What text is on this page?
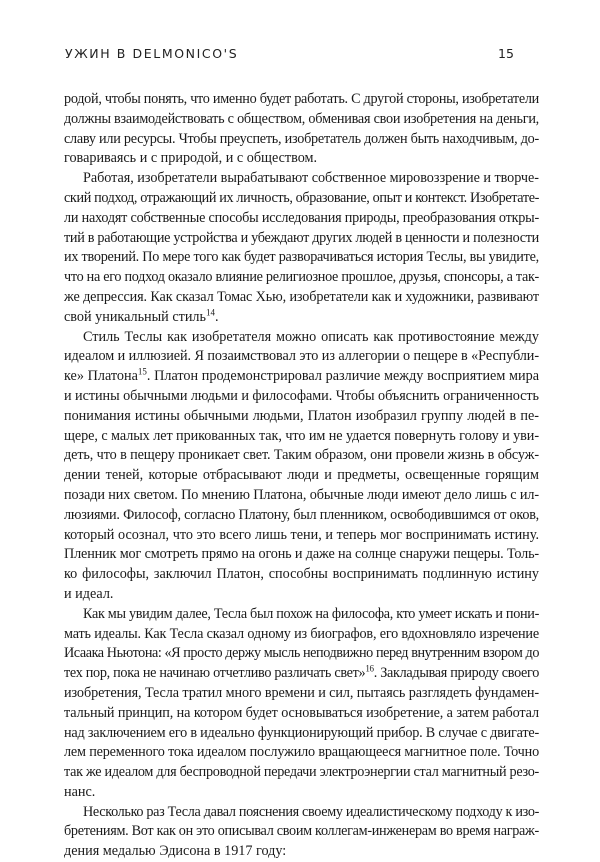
УЖИН В DELMONICO'S	15

родой, чтобы понять, что именно будет работать. С другой стороны, изобретатели
должны взаимодействовать с обществом, обменивая свои изобретения на деньги,
славу или ресурсы. Чтобы преуспеть, изобретатель должен быть находчивым, до-
говариваясь и с природой, и с обществом.

Работая, изобретатели вырабатывают собственное мировоззрение и творче-
ский подход, отражающий их личность, образование, опыт и контекст. Изобретате-
ли находят собственные способы исследования природы, преобразования откры-
тий в работающие устройства и убеждают других людей в ценности и полезности
их творений. По мере того как будет разворачиваться история Теслы, вы увидите,
что на его подход оказало влияние религиозное прошлое, друзья, спонсоры, а так-
же депрессия. Как сказал Томас Хью, изобретатели как и художники, развивают
свой уникальный стиль$^{14}$.

Стиль Теслы как изобретателя можно описать как противостояние между
идеалом и иллюзией. Я позаимствовал это из аллегории о пещере в «Республи-
ке» Платона$^{15}$. Платон продемонстрировал различие между восприятием мира
и истины обычными людьми и философами. Чтобы объяснить ограниченность
понимания истины обычными людьми, Платон изобразил группу людей в пе-
щере, с малых лет прикованных так, что им не удается повернуть голову и уви-
деть, что в пещеру проникает свет. Таким образом, они провели жизнь в обсуж-
дении теней, которые отбрасывают люди и предметы, освещенные горящим
позади них светом. По мнению Платона, обычные люди имеют дело лишь с ил-
люзиями. Философ, согласно Платону, был пленником, освободившимся от оков,
который осознал, что это всего лишь тени, и теперь мог воспринимать истину.
Пленник мог смотреть прямо на огонь и даже на солнце снаружи пещеры. Толь-
ко философы, заключил Платон, способны воспринимать подлинную истину
и идеал.

Как мы увидим далее, Тесла был похож на философа, кто умеет искать и пони-
мать идеалы. Как Тесла сказал одному из биографов, его вдохновляло изречение
Исаака Ньютона: «Я просто держу мысль неподвижно перед внутренним взором до
тех пор, пока не начинаю отчетливо различать свет»$^{16}$. Закладывая природу своего
изобретения, Тесла тратил много времени и сил, пытаясь разглядеть фундамен-
тальный принцип, на котором будет основываться изобретение, а затем работал
над заключением его в идеально функционирующий прибор. В случае с двигате-
лем переменного тока идеалом послужило вращающееся магнитное поле. Точно
так же идеалом для беспроводной передачи электроэнергии стал магнитный резо-
нанс.

Несколько раз Тесла давал пояснения своему идеалистическому подходу к изо-
бретениям. Вот как он это описывал своим коллегам-инженерам во время награж-
дения медалью Эдисона в 1917 году:
